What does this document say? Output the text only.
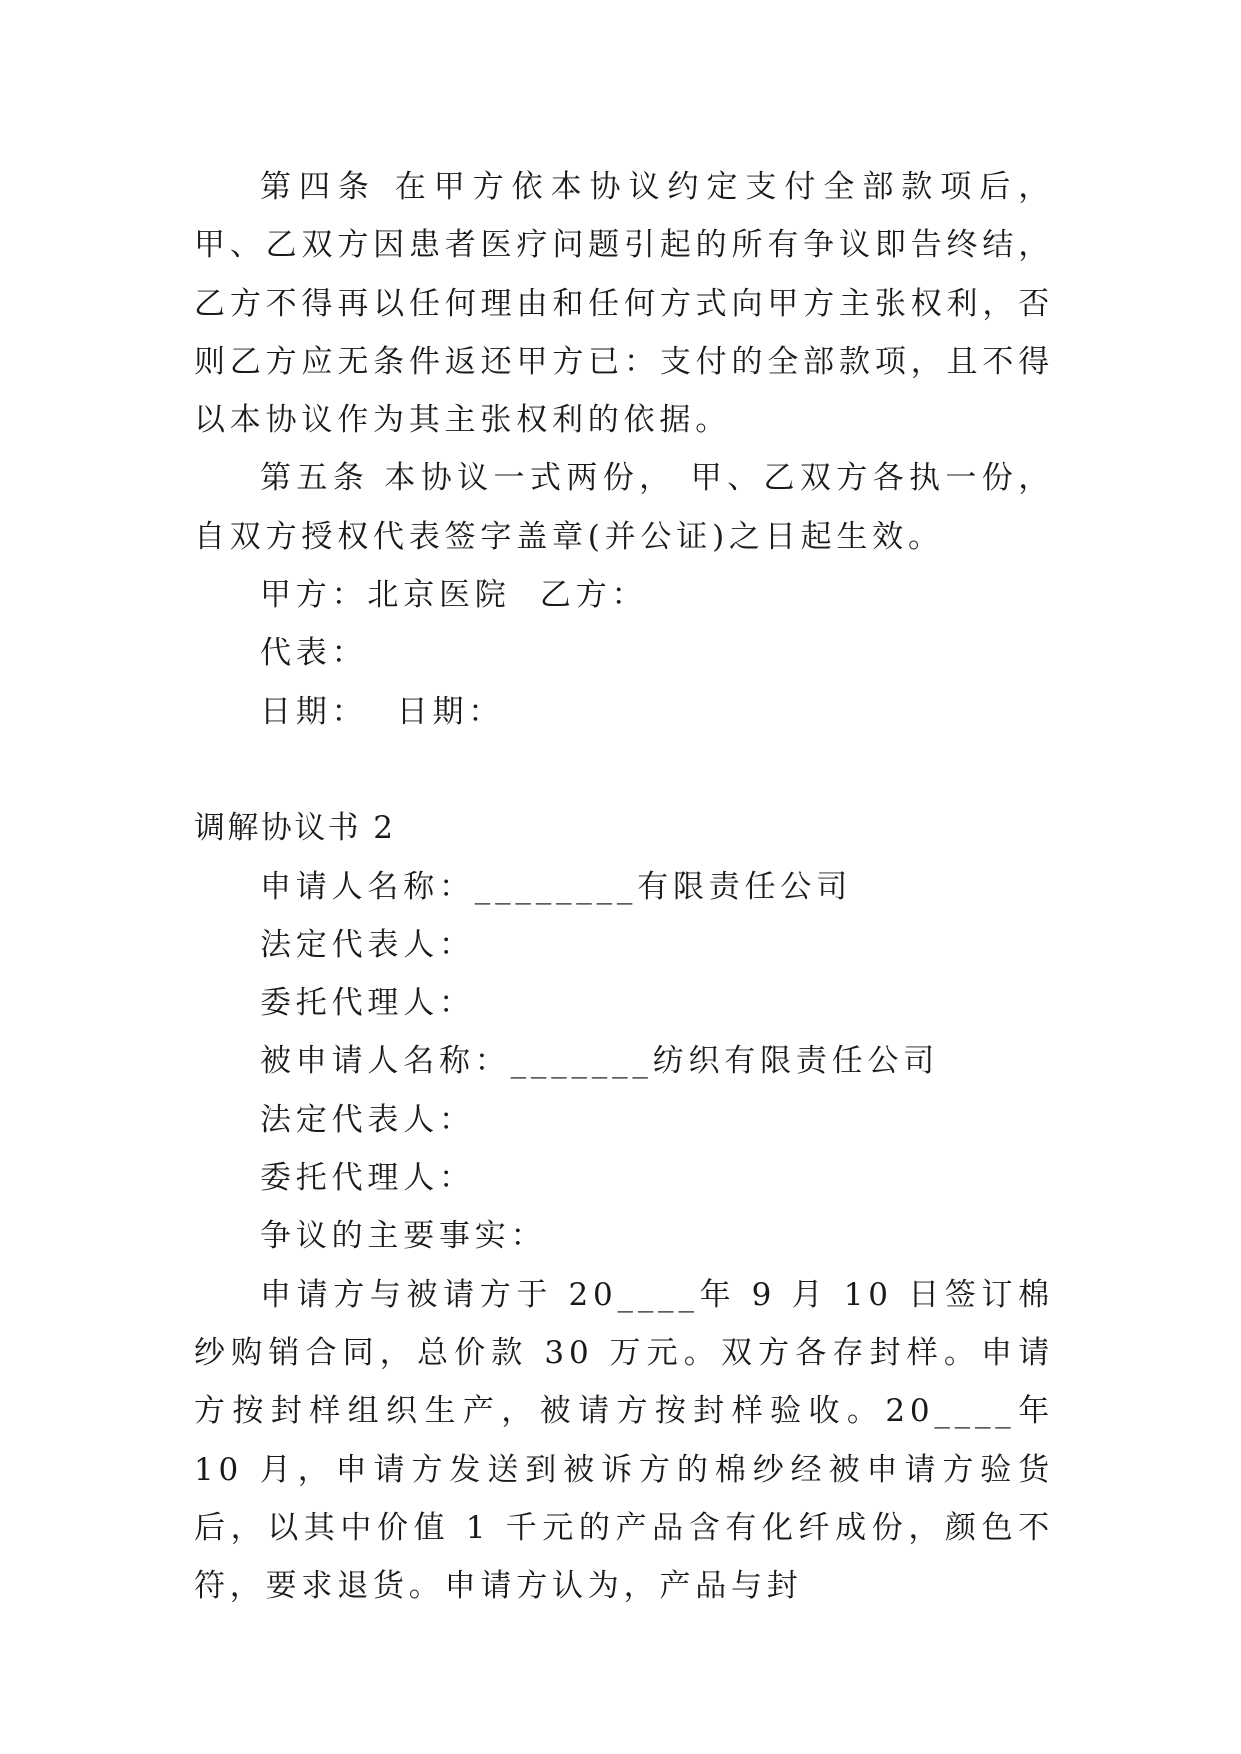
第四条 在甲方依本协议约定支付全部款项后，甲、乙双方因患者医疗问题引起的所有争议即告终结，乙方不得再以任何理由和任何方式向甲方主张权利，否则乙方应无条件返还甲方已：支付的全部款项，且不得以本协议作为其主张权利的依据。

第五条 本协议一式两份， 甲、乙双方各执一份， 自双方授权代表签字盖章(并公证)之日起生效。

甲方：北京医院  乙方：

代表：

日期：  日期：

调解协议书 2

申请人名称：________有限责任公司

法定代表人：

委托代理人：

被申请人名称：_______纺织有限责任公司

法定代表人：

委托代理人：

争议的主要事实：

申请方与被请方于 20____年 9 月 10 日签订棉纱购销合同，总价款 30 万元。双方各存封样。申请方按封样组织生产，被请方按封样验收。20____年 10 月，申请方发送到被诉方的棉纱经被申请方验货后，以其中价值 1 千元的产品含有化纤成份，颜色不符，要求退货。申请方认为，产品与封
